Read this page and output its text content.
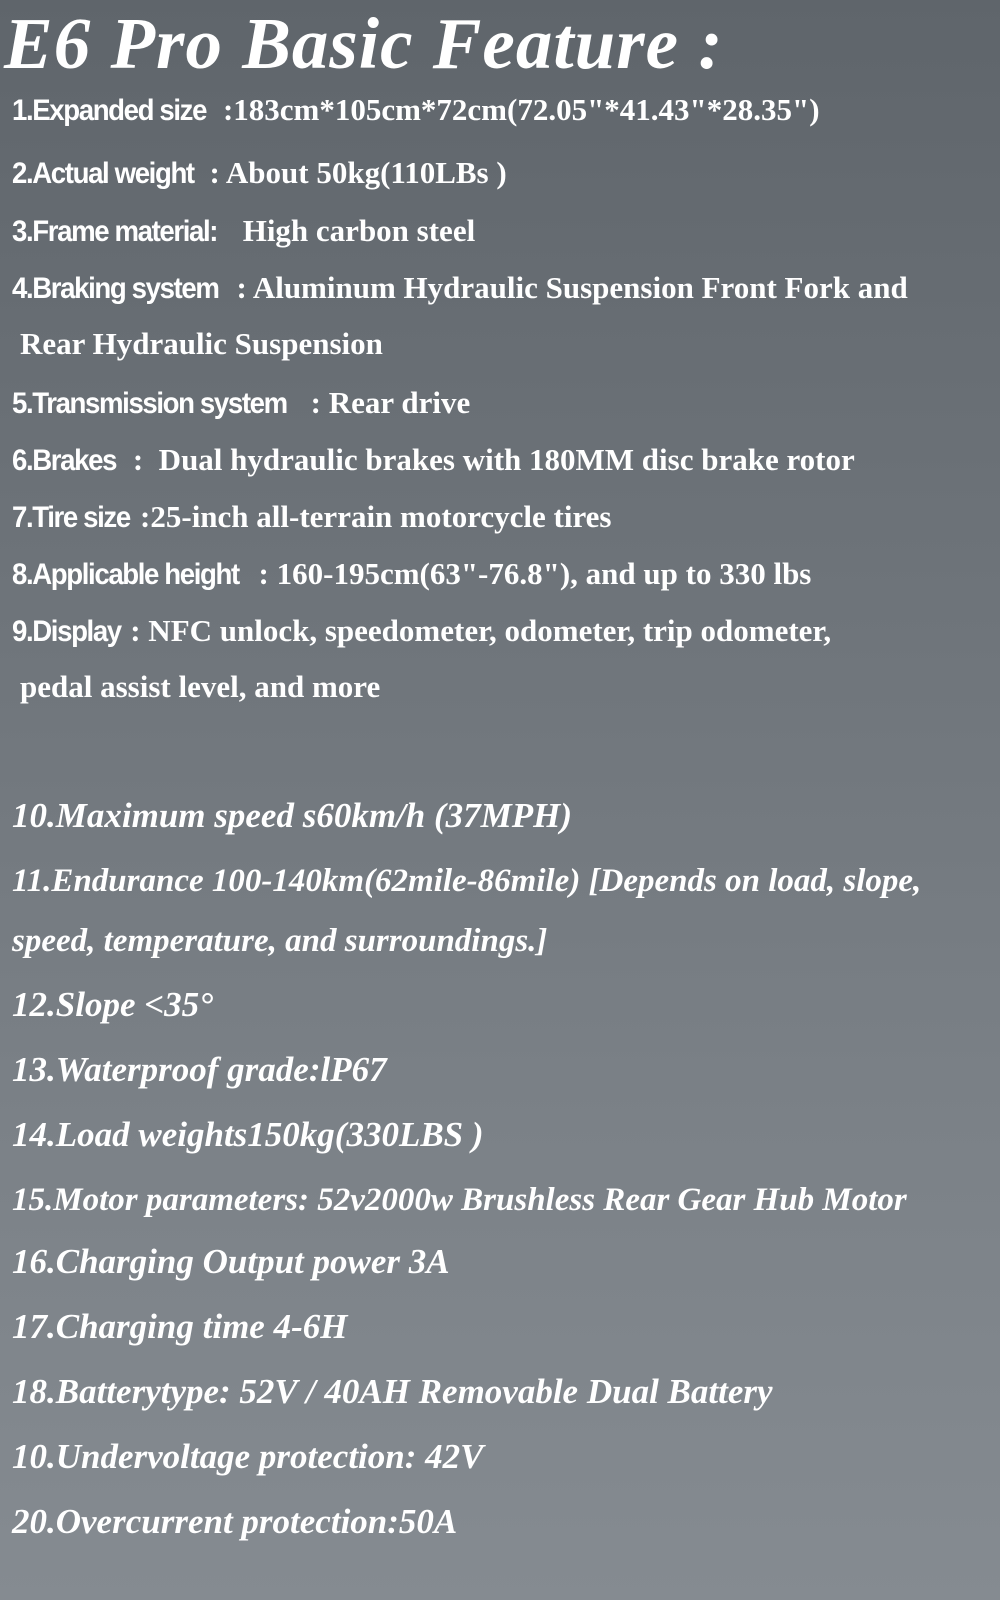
E6 Pro Basic Feature :
1.Expanded size :183cm*105cm*72cm(72.05"*41.43"*28.35")
2.Actual weight : About 50kg(110LBs )
3.Frame material: High carbon steel
4.Braking system : Aluminum Hydraulic Suspension Front Fork and
Rear Hydraulic Suspension
5.Transmission system : Rear drive
6.Brakes :  Dual hydraulic brakes with 180MM disc brake rotor
7.Tire size :25-inch all-terrain motorcycle tires
8.Applicable height : 160-195cm(63"-76.8"), and up to 330 lbs
9.Display : NFC unlock, speedometer, odometer, trip odometer,
pedal assist level, and more
10.Maximum speed s60km/h (37MPH)
11.Endurance 100-140km(62mile-86mile) [Depends on load, slope,
speed, temperature, and surroundings.]
12.Slope <35°
13.Waterproof grade:lP67
14.Load weights150kg(330LBS )
15.Motor parameters: 52v2000w Brushless Rear Gear Hub Motor
16.Charging Output power 3A
17.Charging time 4-6H
18.Batterytype: 52V / 40AH Removable Dual Battery
10.Undervoltage protection: 42V
20.Overcurrent protection:50A
